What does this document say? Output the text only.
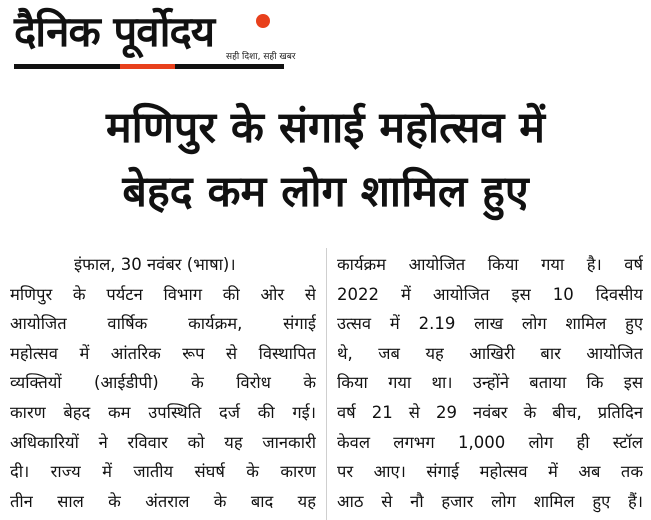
दैनिक पूर्वोदय
सही दिशा, सही खबर
मणिपुर के संगाई महोत्सव में
बेहद कम लोग शामिल हुए
इंफाल, 30 नवंबर (भाषा)।
मणिपुर के पर्यटन विभाग की ओर से
आयोजित वार्षिक कार्यक्रम, संगाई
महोत्सव में आंतरिक रूप से विस्थापित
व्यक्तियों (आईडीपी) के विरोध के
कारण बेहद कम उपस्थिति दर्ज की गई।
अधिकारियों ने रविवार को यह जानकारी
दी। राज्य में जातीय संघर्ष के कारण
तीन साल के अंतराल के बाद यह
कार्यक्रम आयोजित किया गया है। वर्ष
2022 में आयोजित इस 10 दिवसीय
उत्सव में 2.19 लाख लोग शामिल हुए
थे, जब यह आखिरी बार आयोजित
किया गया था। उन्होंने बताया कि इस
वर्ष 21 से 29 नवंबर के बीच, प्रतिदिन
केवल लगभग 1,000 लोग ही स्टॉल
पर आए। संगाई महोत्सव में अब तक
आठ से नौ हजार लोग शामिल हुए हैं।
